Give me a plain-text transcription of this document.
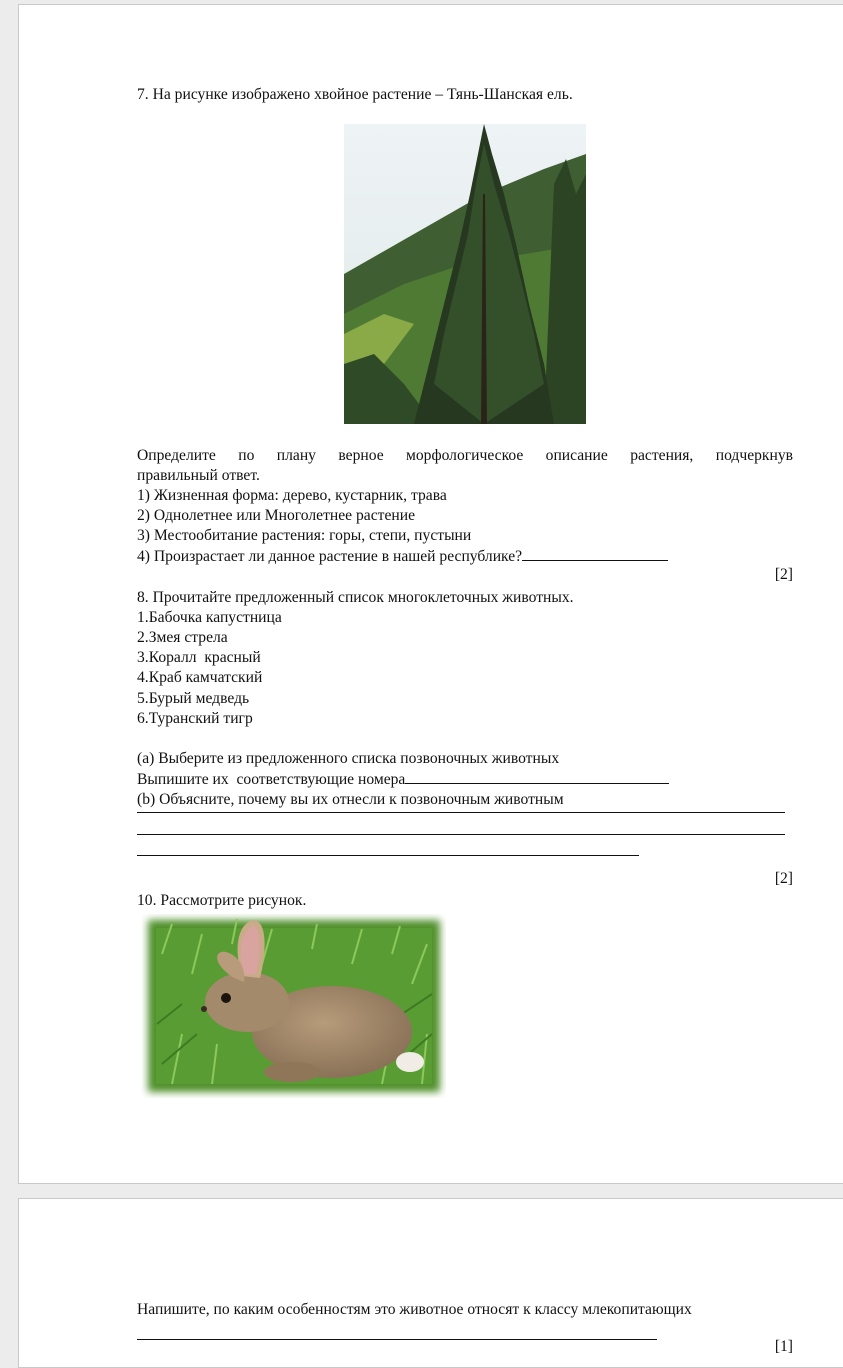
7. На рисунке изображено хвойное растение – Тянь-Шанская ель.
Определите по плану верное морфологическое описание растения, подчеркнув
правильный ответ.
1) Жизненная форма: дерево, кустарник, трава
2) Однолетнее или Многолетнее растение
3) Местообитание растения: горы, степи, пустыни
4) Произрастает ли данное растение в нашей республике?
[2]
8. Прочитайте предложенный список многоклеточных животных.
1.Бабочка капустница
2.Змея стрела
3.Коралл  красный
4.Краб камчатский
5.Бурый медведь
6.Туранский тигр
(а) Выберите из предложенного списка позвоночных животных
Выпишите их  соответствующие номера
(b) Объясните, почему вы их отнесли к позвоночным животным
[2]
10. Рассмотрите рисунок.
Напишите, по каким особенностям это животное относят к классу млекопитающих
[1]
